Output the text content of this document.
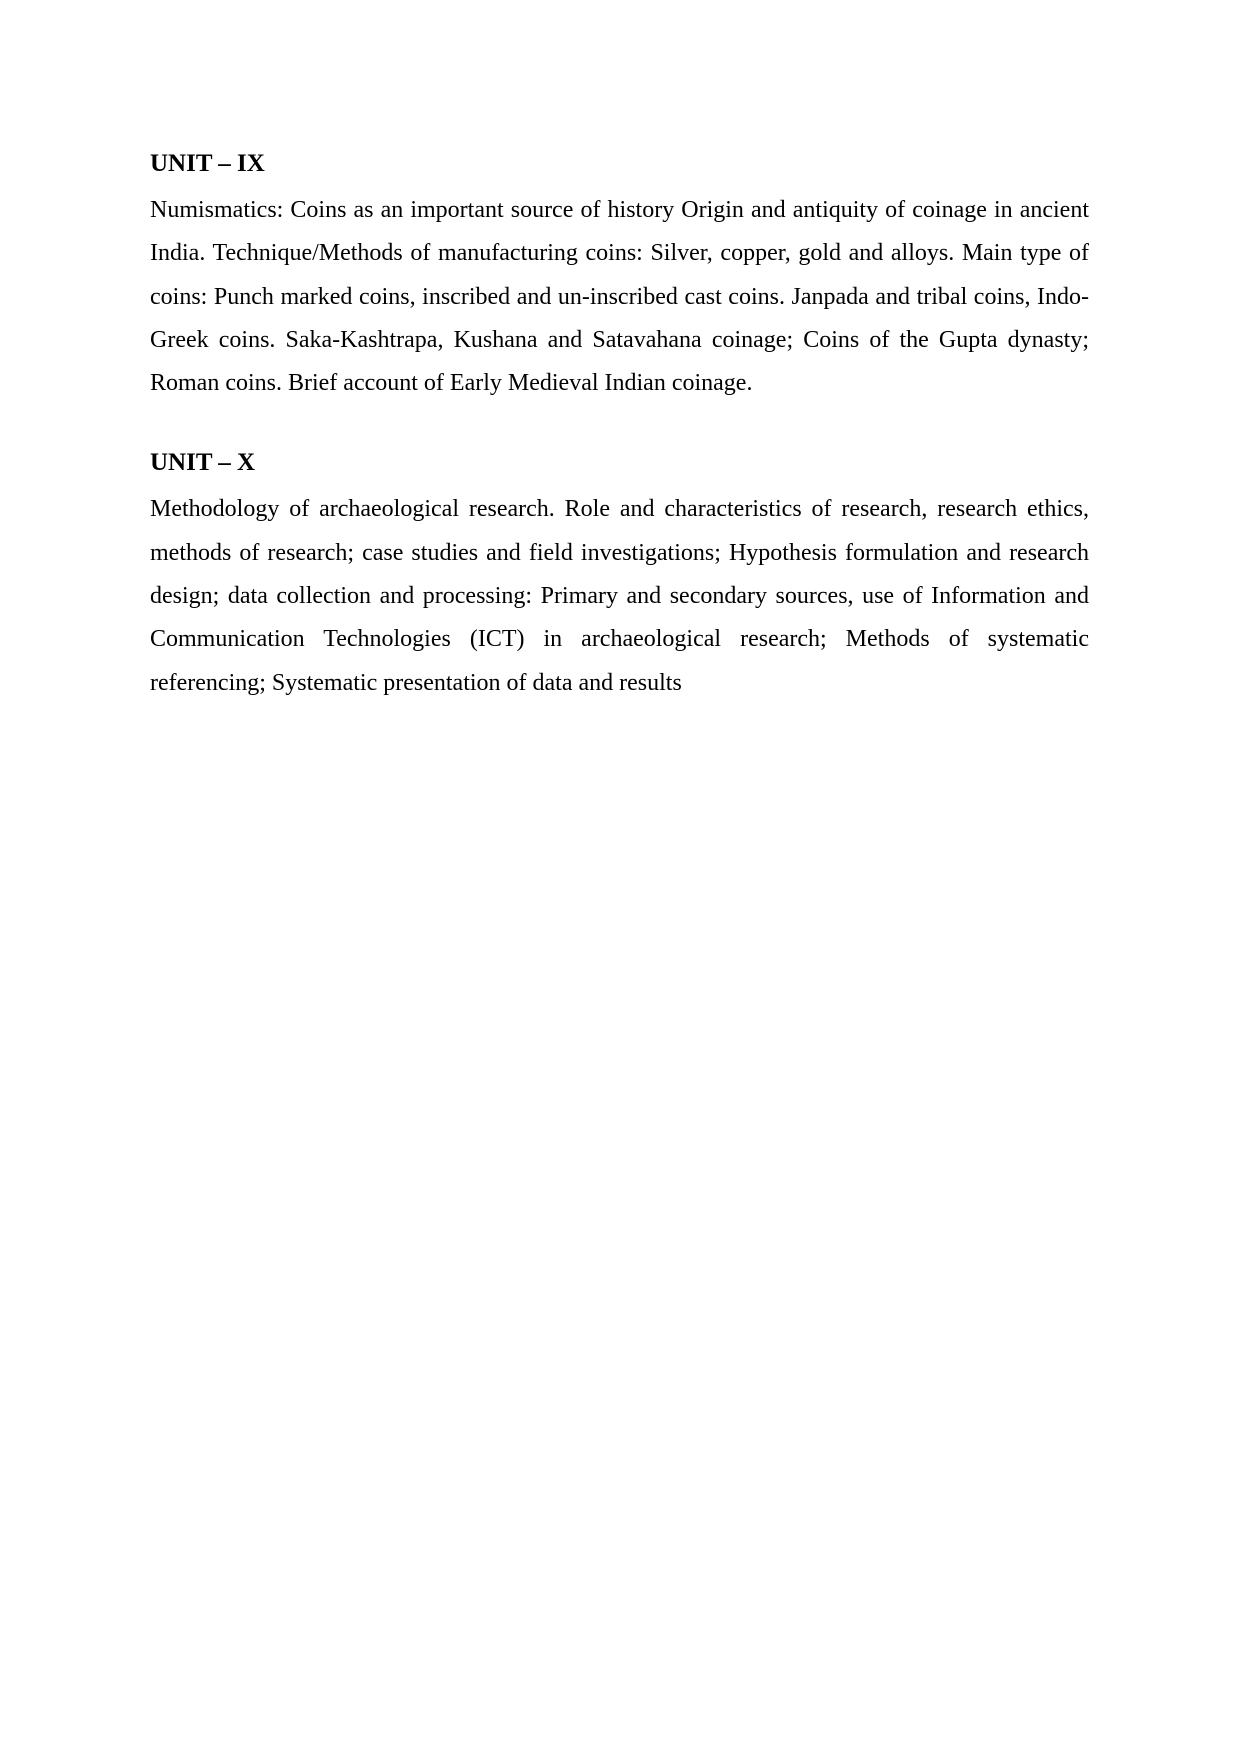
UNIT – IX

Numismatics: Coins as an important source of history Origin and antiquity of coinage in ancient India. Technique/Methods of manufacturing coins: Silver, copper, gold and alloys. Main type of coins: Punch marked coins, inscribed and un-inscribed cast coins. Janpada and tribal coins, Indo-Greek coins. Saka-Kashtrapa, Kushana and Satavahana coinage; Coins of the Gupta dynasty; Roman coins. Brief account of Early Medieval Indian coinage.

UNIT – X

Methodology of archaeological research. Role and characteristics of research, research ethics, methods of research; case studies and field investigations; Hypothesis formulation and research design; data collection and processing: Primary and secondary sources, use of Information and Communication Technologies (ICT) in archaeological research; Methods of systematic referencing; Systematic presentation of data and results
